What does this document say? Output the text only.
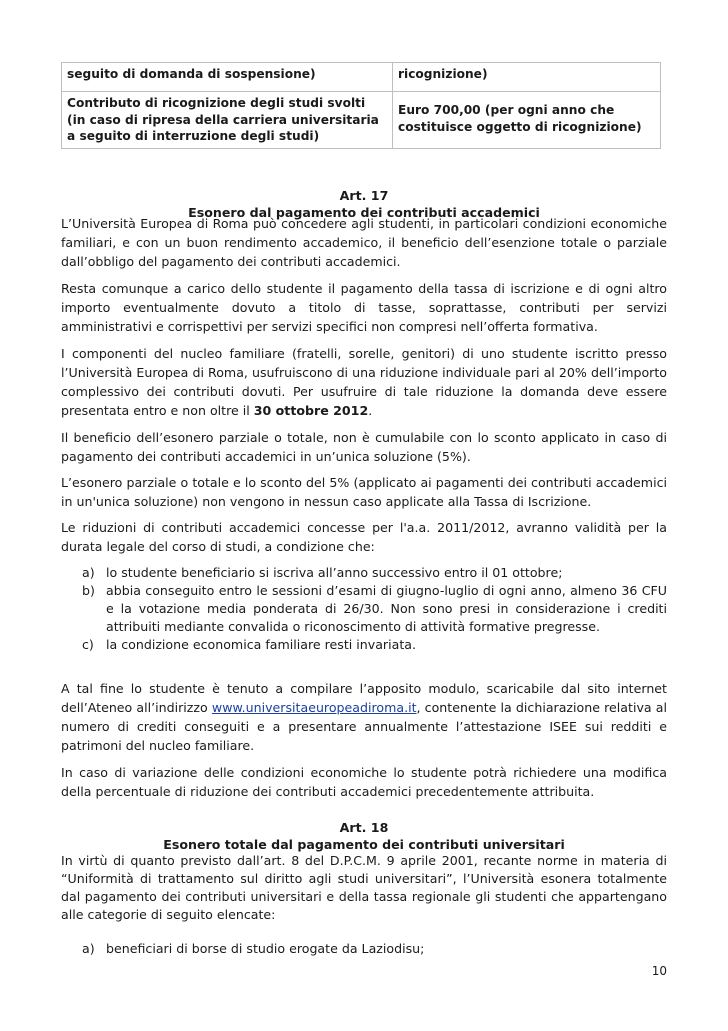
seguito di domanda di sospensione)	ricognizione)
Contributo di ricognizione degli studi svolti (in caso di ripresa della carriera universitaria a seguito di interruzione degli studi)	Euro 700,00 (per ogni anno che costituisce oggetto di ricognizione)
Art. 17
Esonero dal pagamento dei contributi accademici

L’Università Europea di Roma può concedere agli studenti, in particolari condizioni economiche familiari, e con un buon rendimento accademico, il beneficio dell’esenzione totale o parziale dall’obbligo del pagamento dei contributi accademici.

Resta comunque a carico dello studente il pagamento della tassa di iscrizione e di ogni altro importo eventualmente dovuto a titolo di tasse, soprattasse, contributi per servizi amministrativi e corrispettivi per servizi specifici non compresi nell’offerta formativa.

I componenti del nucleo familiare (fratelli, sorelle, genitori) di uno studente iscritto presso l’Università Europea di Roma, usufruiscono di una riduzione individuale pari al 20% dell’importo complessivo dei contributi dovuti. Per usufruire di tale riduzione la domanda deve essere presentata entro e non oltre il 30 ottobre 2012.

Il beneficio dell’esonero parziale o totale, non è cumulabile con lo sconto applicato in caso di pagamento dei contributi accademici in un’unica soluzione (5%).

L’esonero parziale o totale e lo sconto del 5% (applicato ai pagamenti dei contributi accademici in un'unica soluzione) non vengono in nessun caso applicate alla Tassa di Iscrizione.

Le riduzioni di contributi accademici concesse per l'a.a. 2011/2012, avranno validità per la durata legale del corso di studi, a condizione che:

a) lo studente beneficiario si iscriva all’anno successivo entro il 01 ottobre;
b) abbia conseguito entro le sessioni d’esami di giugno-luglio di ogni anno, almeno 36 CFU e la votazione media ponderata di 26/30. Non sono presi in considerazione i crediti attribuiti mediante convalida o riconoscimento di attività formative pregresse.
c) la condizione economica familiare resti invariata.

A tal fine lo studente è tenuto a compilare l’apposito modulo, scaricabile dal sito internet dell’Ateneo all’indirizzo www.universitaeuropeadiroma.it, contenente la dichiarazione relativa al numero di crediti conseguiti e a presentare annualmente l’attestazione ISEE sui redditi e patrimoni del nucleo familiare.

In caso di variazione delle condizioni economiche lo studente potrà richiedere una modifica della percentuale di riduzione dei contributi accademici precedentemente attribuita.

Art. 18
Esonero totale dal pagamento dei contributi universitari

In virtù di quanto previsto dall’art. 8 del D.P.C.M. 9 aprile 2001, recante norme in materia di “Uniformità di trattamento sul diritto agli studi universitari”, l’Università esonera totalmente dal pagamento dei contributi universitari e della tassa regionale gli studenti che appartengano alle categorie di seguito elencate:

a) beneficiari di borse di studio erogate da Laziodisu;
10
